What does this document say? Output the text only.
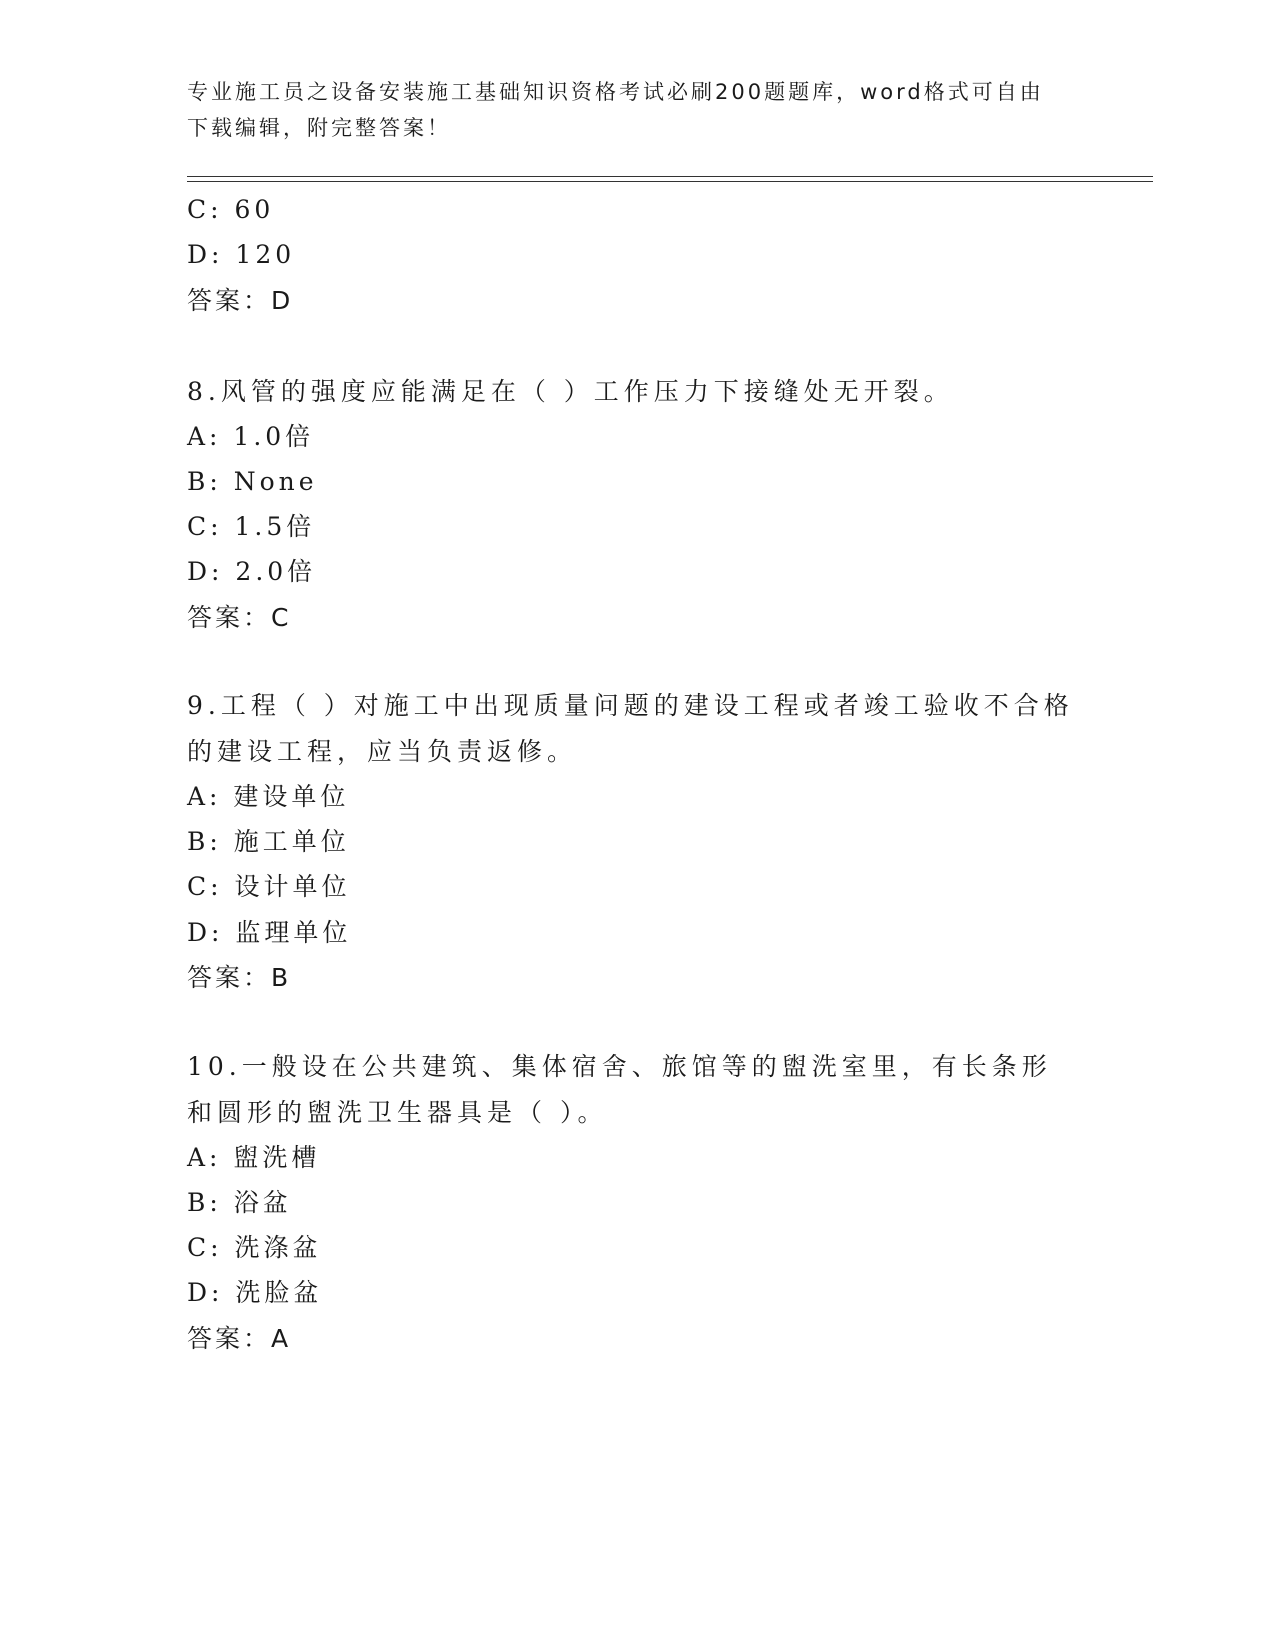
专业施工员之设备安装施工基础知识资格考试必刷200题题库，word格式可自由下载编辑，附完整答案！
C: 60
D: 120
答案：D
8.风管的强度应能满足在（ ）工作压力下接缝处无开裂。
A: 1.0倍
B: None
C: 1.5倍
D: 2.0倍
答案：C
9.工程（ ）对施工中出现质量问题的建设工程或者竣工验收不合格的建设工程，应当负责返修。
A: 建设单位
B: 施工单位
C: 设计单位
D: 监理单位
答案：B
10.一般设在公共建筑、集体宿舍、旅馆等的盥洗室里，有长条形和圆形的盥洗卫生器具是（ ）。
A: 盥洗槽
B: 浴盆
C: 洗涤盆
D: 洗脸盆
答案：A
